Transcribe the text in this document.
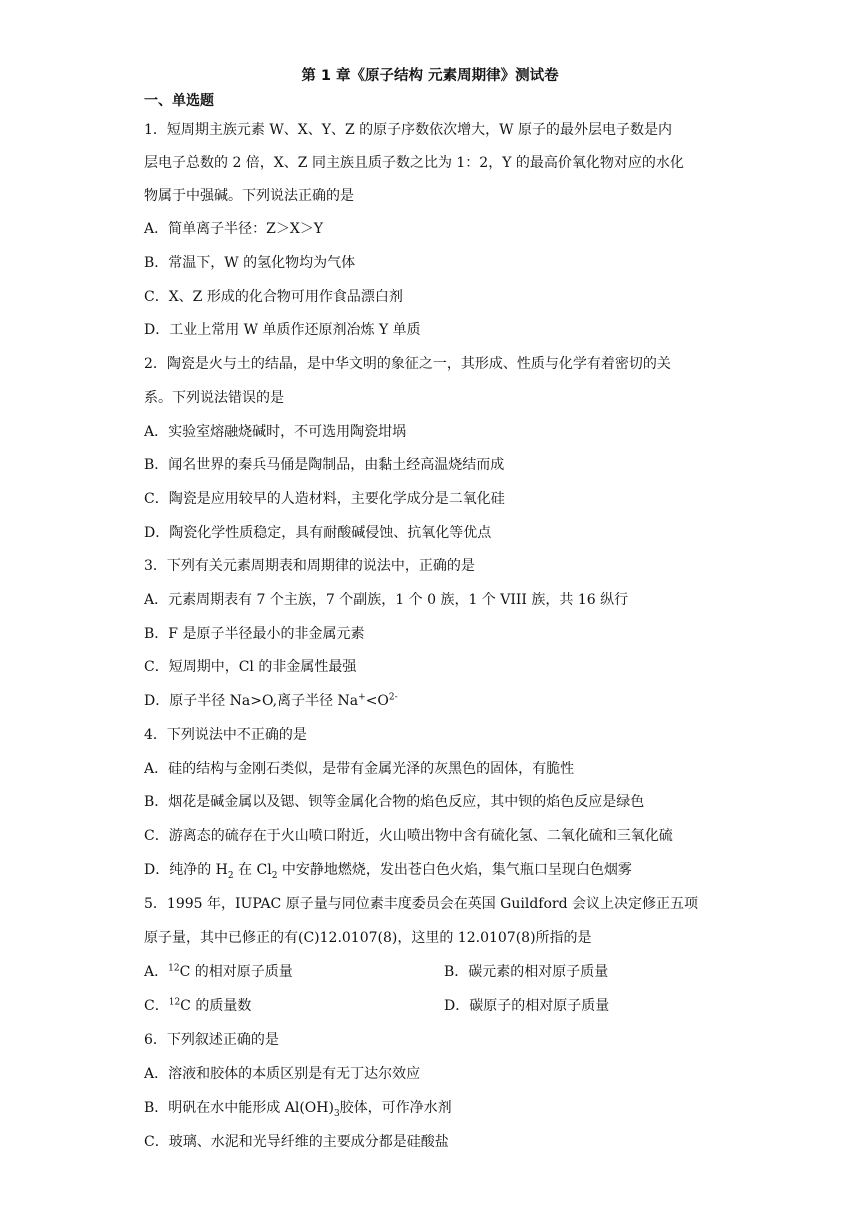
第 1 章《原子结构 元素周期律》测试卷
一、单选题
1．短周期主族元素 W、X、Y、Z 的原子序数依次增大，W 原子的最外层电子数是内
层电子总数的 2 倍，X、Z 同主族且质子数之比为 1：2，Y 的最高价氧化物对应的水化
物属于中强碱。下列说法正确的是
A．简单离子半径：Z＞X＞Y
B．常温下，W 的氢化物均为气体
C．X、Z 形成的化合物可用作食品漂白剂
D．工业上常用 W 单质作还原剂冶炼 Y 单质
2．陶瓷是火与土的结晶，是中华文明的象征之一，其形成、性质与化学有着密切的关
系。下列说法错误的是
A．实验室熔融烧碱时，不可选用陶瓷坩埚
B．闻名世界的秦兵马俑是陶制品，由黏土经高温烧结而成
C．陶瓷是应用较早的人造材料，主要化学成分是二氧化硅
D．陶瓷化学性质稳定，具有耐酸碱侵蚀、抗氧化等优点
3．下列有关元素周期表和周期律的说法中，正确的是
A．元素周期表有 7 个主族，7 个副族，1 个 0 族，1 个 VIII 族，共 16 纵行
B．F 是原子半径最小的非金属元素
C．短周期中，Cl 的非金属性最强
D．原子半径 Na>O,离子半径 $Na^+<O^{2-}$
4．下列说法中不正确的是
A．硅的结构与金刚石类似，是带有金属光泽的灰黑色的固体，有脆性
B．烟花是碱金属以及锶、钡等金属化合物的焰色反应，其中钡的焰色反应是绿色
C．游离态的硫存在于火山喷口附近，火山喷出物中含有硫化氢、二氧化硫和三氧化硫
D．纯净的 $H_2$ 在 $Cl_2$ 中安静地燃烧，发出苍白色火焰，集气瓶口呈现白色烟雾
5．1995 年，IUPAC 原子量与同位素丰度委员会在英国 Guildford 会议上决定修正五项
原子量，其中已修正的有(C)12.0107(8)，这里的 12.0107(8)所指的是
A．$^{12}$C 的相对原子质量	B．碳元素的相对原子质量
C．$^{12}$C 的质量数	D．碳原子的相对原子质量
6．下列叙述正确的是
A．溶液和胶体的本质区别是有无丁达尔效应
B．明矾在水中能形成 $Al(OH)_3$胶体，可作净水剂
C．玻璃、水泥和光导纤维的主要成分都是硅酸盐
